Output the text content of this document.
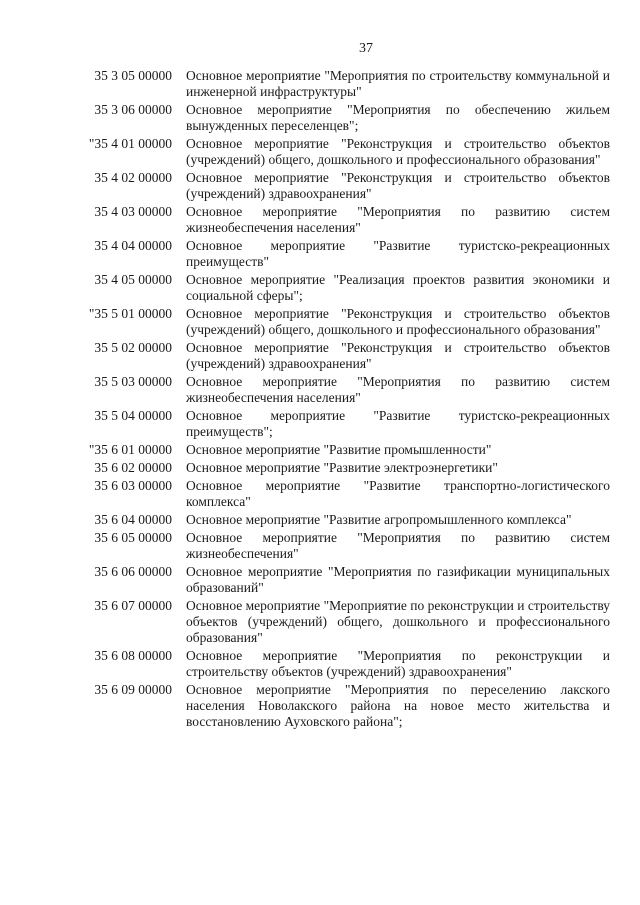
37
35 3 05 00000	Основное мероприятие "Мероприятия по строительству коммунальной и инженерной инфраструктуры"
35 3 06 00000	Основное мероприятие "Мероприятия по обеспечению жильем вынужденных переселенцев";
"35 4 01 00000	Основное мероприятие "Реконструкция и строительство объектов (учреждений) общего, дошкольного и профессионального образования"
35 4 02 00000	Основное мероприятие "Реконструкция и строительство объектов (учреждений) здравоохранения"
35 4 03 00000	Основное мероприятие "Мероприятия по развитию систем жизнеобеспечения населения"
35 4 04 00000	Основное мероприятие "Развитие туристско-рекреационных преимуществ"
35 4 05 00000	Основное мероприятие "Реализация проектов развития экономики и социальной сферы";
"35 5 01 00000	Основное мероприятие "Реконструкция и строительство объектов (учреждений) общего, дошкольного и профессионального образования"
35 5 02 00000	Основное мероприятие "Реконструкция и строительство объектов (учреждений) здравоохранения"
35 5 03 00000	Основное мероприятие "Мероприятия по развитию систем жизнеобеспечения населения"
35 5 04 00000	Основное мероприятие "Развитие туристско-рекреационных преимуществ";
"35 6 01 00000	Основное мероприятие "Развитие промышленности"
35 6 02 00000	Основное мероприятие "Развитие электроэнергетики"
35 6 03 00000	Основное мероприятие "Развитие транспортно-логистического комплекса"
35 6 04 00000	Основное мероприятие "Развитие агропромышленного комплекса"
35 6 05 00000	Основное мероприятие "Мероприятия по развитию систем жизнеобеспечения"
35 6 06 00000	Основное мероприятие "Мероприятия по газификации муниципальных образований"
35 6 07 00000	Основное мероприятие "Мероприятие по реконструкции и строительству объектов (учреждений) общего, дошкольного и профессионального образования"
35 6 08 00000	Основное мероприятие "Мероприятия по реконструкции и строительству объектов (учреждений) здравоохранения"
35 6 09 00000	Основное мероприятие "Мероприятия по переселению лакского населения Новолакского района на новое место жительства и восстановлению Ауховского района";
